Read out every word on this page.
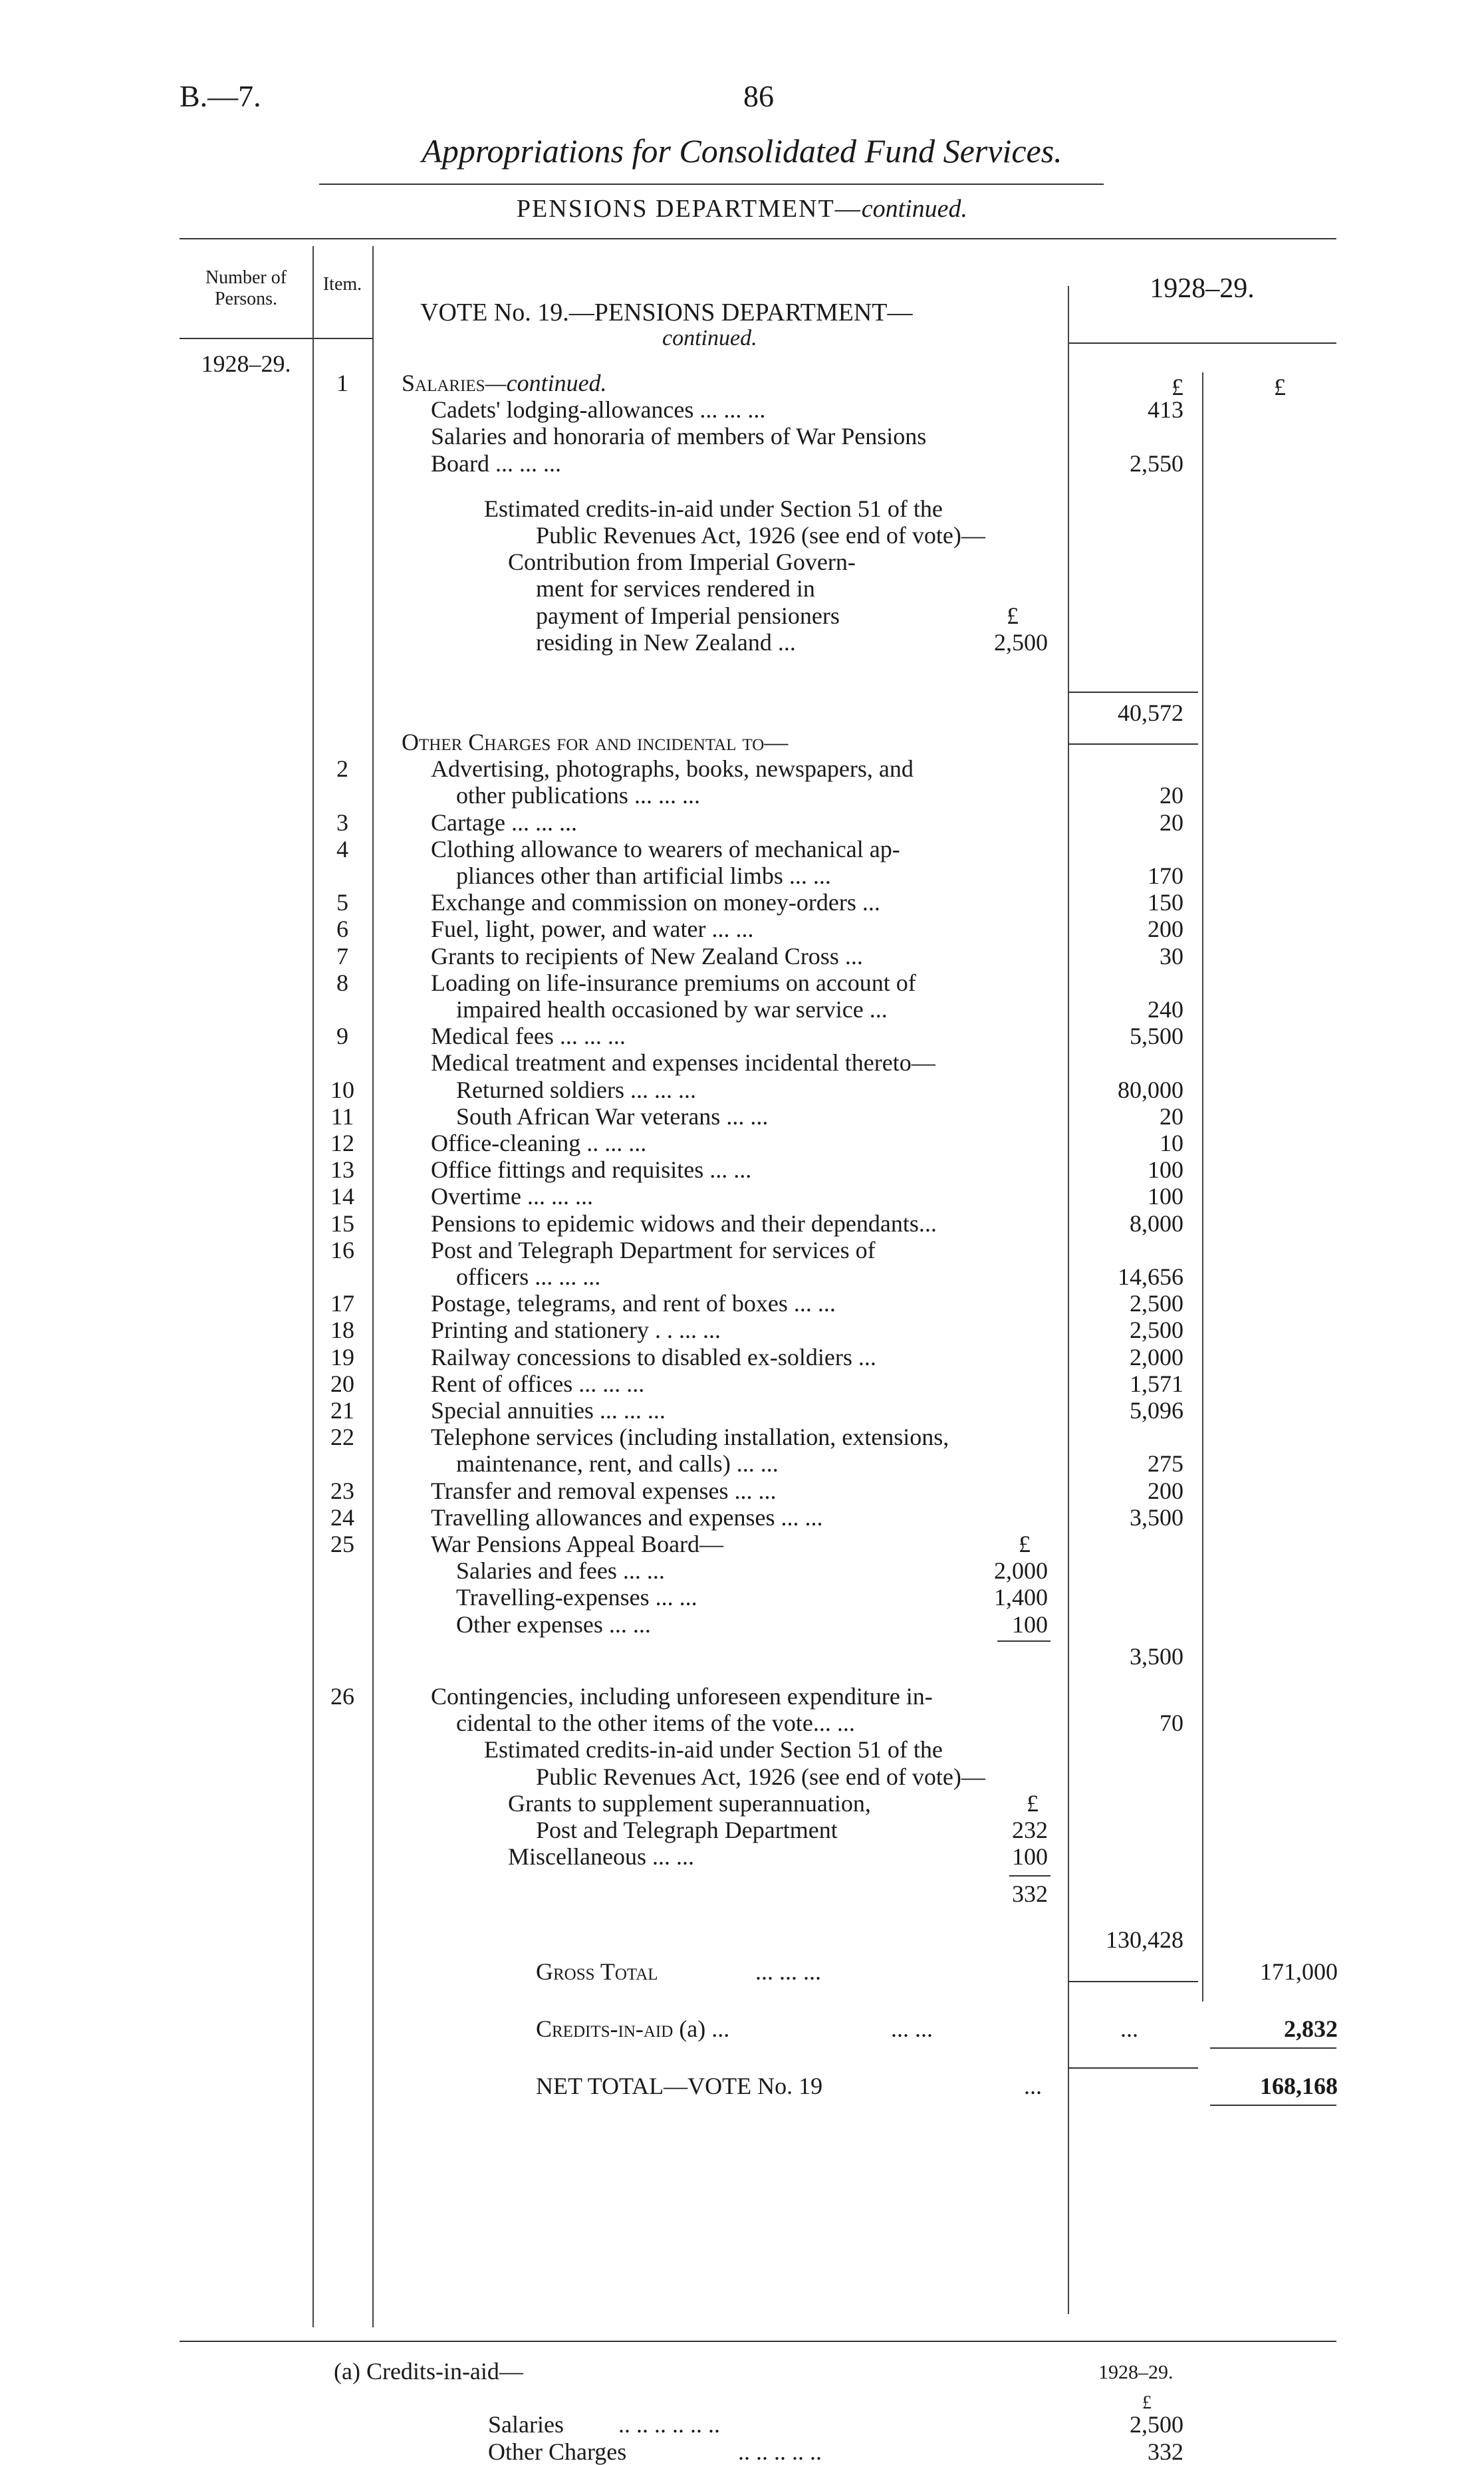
B.—7.	86
Appropriations for Consolidated Fund Services.
PENSIONS DEPARTMENT—continued.
Number of Persons.
Item.	1928–29.
1928–29.
VOTE No. 19.—PENSIONS DEPARTMENT—
continued.
1	Salaries—continued.	£	£
Cadets' lodging-allowances ... ... ...	413
Salaries and honoraria of members of War Pensions
Board ... ... ...	2,550
Estimated credits-in-aid under Section 51 of the
Public Revenues Act, 1926 (see end of vote)—
Contribution from Imperial Govern-
ment for services rendered in
payment of Imperial pensioners	£
residing in New Zealand ...	2,500
40,572
Other Charges for and incidental to—
2	Advertising, photographs, books, newspapers, and
other publications ... ... ...	20
3	Cartage ... ... ...	20
4	Clothing allowance to wearers of mechanical ap-
pliances other than artificial limbs ... ...	170
5	Exchange and commission on money-orders ...	150
6	Fuel, light, power, and water ... ...	200
7	Grants to recipients of New Zealand Cross ...	30
8	Loading on life-insurance premiums on account of
impaired health occasioned by war service ...	240
9	Medical fees ... ... ...	5,500
Medical treatment and expenses incidental thereto—
10	Returned soldiers ... ... ...	80,000
11	South African War veterans ... ...	20
12	Office-cleaning .. ... ...	10
13	Office fittings and requisites ... ...	100
14	Overtime ... ... ...	100
15	Pensions to epidemic widows and their dependants...	8,000
16	Post and Telegraph Department for services of
officers ... ... ...	14,656
17	Postage, telegrams, and rent of boxes ... ...	2,500
18	Printing and stationery . . ... ...	2,500
19	Railway concessions to disabled ex-soldiers ...	2,000
20	Rent of offices ... ... ...	1,571
21	Special annuities ... ... ...	5,096
22	Telephone services (including installation, extensions,
maintenance, rent, and calls) ... ...	275
23	Transfer and removal expenses ... ...	200
24	Travelling allowances and expenses ... ...	3,500
25	War Pensions Appeal Board—	£
Salaries and fees ... ...	2,000
Travelling-expenses ... ...	1,400
Other expenses ... ...	100
3,500
26	Contingencies, including unforeseen expenditure in-
cidental to the other items of the vote... ...	70
Estimated credits-in-aid under Section 51 of the
Public Revenues Act, 1926 (see end of vote)—
Grants to supplement superannuation,	£
Post and Telegraph Department	232
Miscellaneous ... ...	100
332
130,428
Gross Total	... ... ...	171,000
Credits-in-aid (a) ...	... ...	...	2,832
NET TOTAL—VOTE No. 19	...	168,168
(a) Credits-in-aid—	1928–29.
£
Salaries .. .. .. .. .. ..	2,500
Other Charges	.. .. .. .. ..	332
